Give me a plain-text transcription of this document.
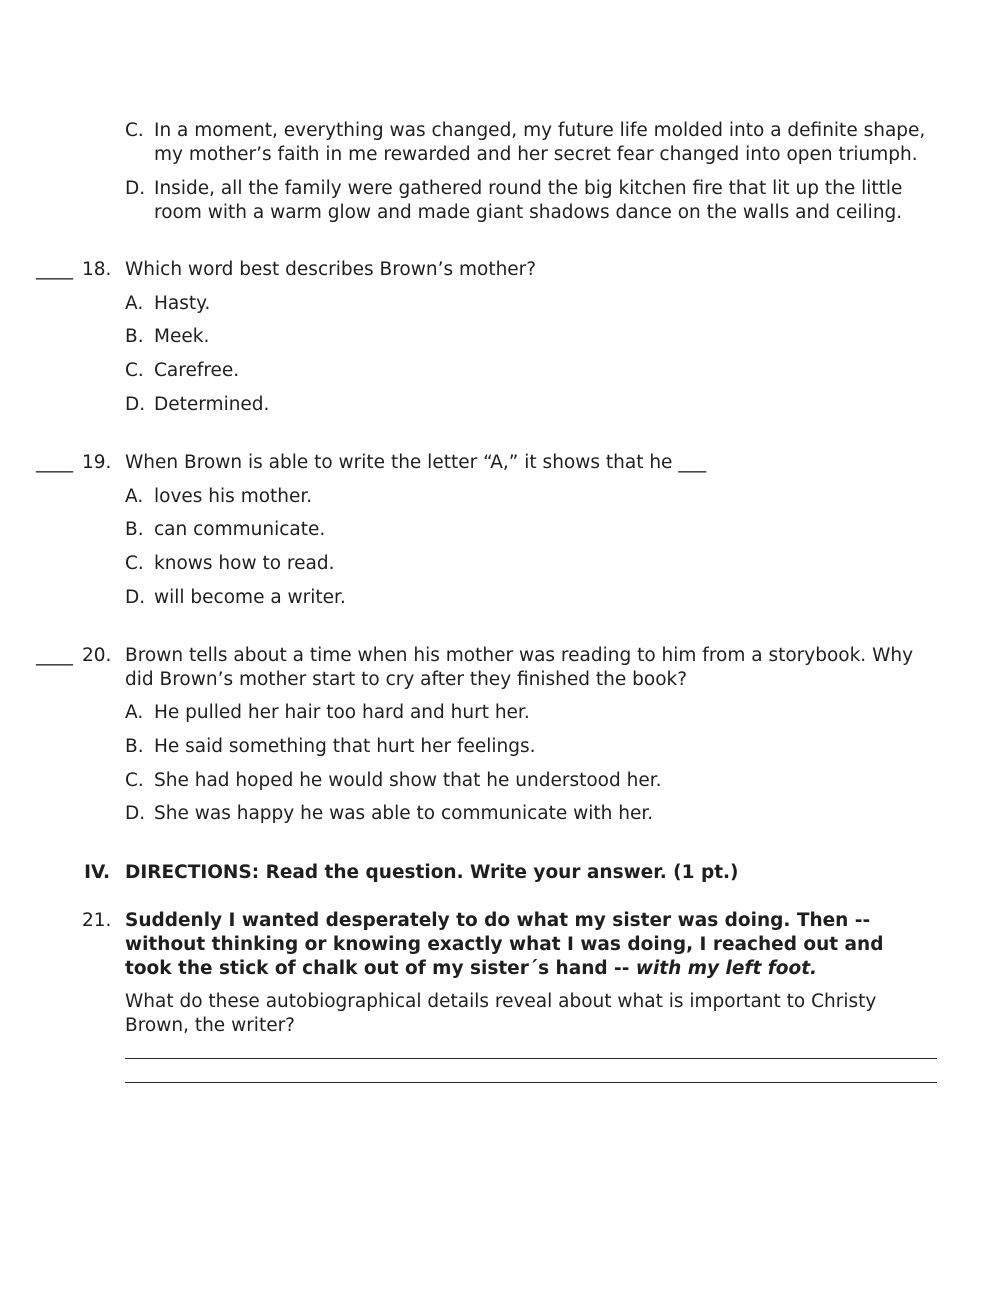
C. In a moment, everything was changed, my future life molded into a definite shape, my mother’s faith in me rewarded and her secret fear changed into open triumph.
D. Inside, all the family were gathered round the big kitchen fire that lit up the little room with a warm glow and made giant shadows dance on the walls and ceiling.
____ 18. Which word best describes Brown’s mother?
A. Hasty.
B. Meek.
C. Carefree.
D. Determined.
____ 19. When Brown is able to write the letter “A,” it shows that he ___
A. loves his mother.
B. can communicate.
C. knows how to read.
D. will become a writer.
____ 20. Brown tells about a time when his mother was reading to him from a storybook. Why did Brown’s mother start to cry after they finished the book?
A. He pulled her hair too hard and hurt her.
B. He said something that hurt her feelings.
C. She had hoped he would show that he understood her.
D. She was happy he was able to communicate with her.
IV. DIRECTIONS: Read the question. Write your answer. (1 pt.)
21. Suddenly I wanted desperately to do what my sister was doing. Then --without thinking or knowing exactly what I was doing, I reached out and took the stick of chalk out of my sister´s hand -- with my left foot.
What do these autobiographical details reveal about what is important to Christy Brown, the writer?
